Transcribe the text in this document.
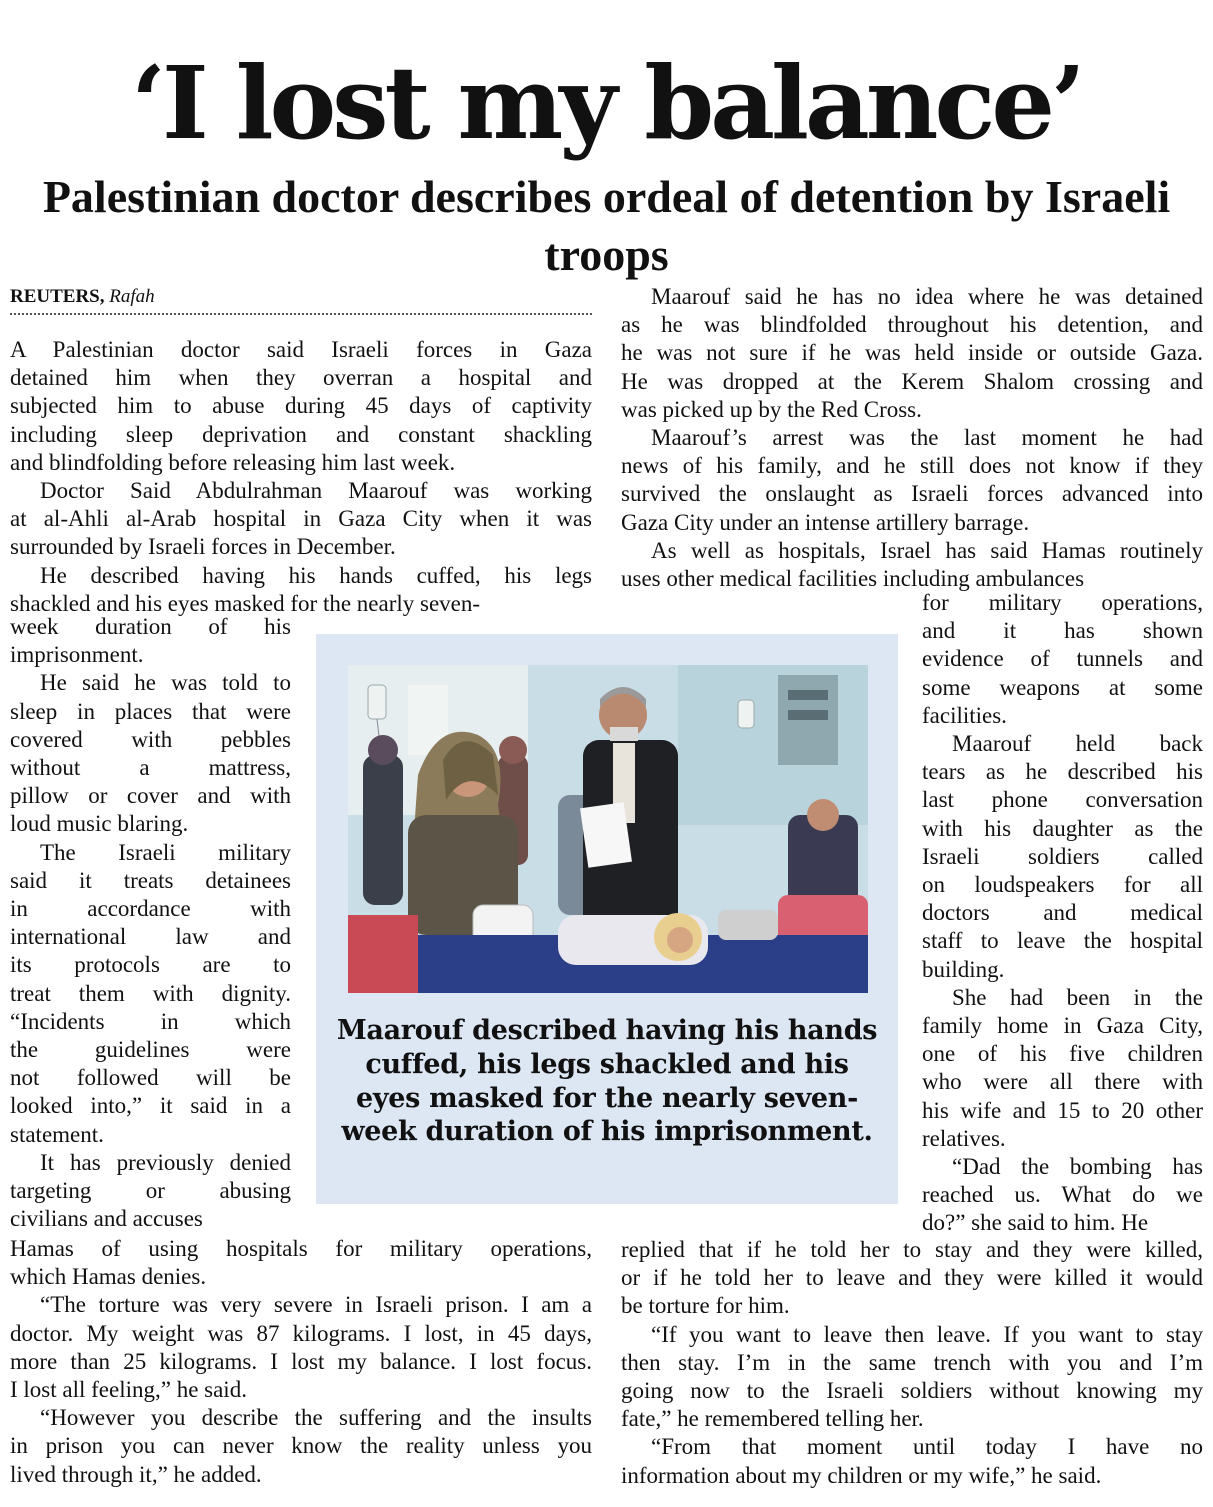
‘I lost my balance’
Palestinian doctor describes ordeal of detention by Israeli troops
REUTERS, Rafah
A Palestinian doctor said Israeli forces in Gaza
detained him when they overran a hospital and
subjected him to abuse during 45 days of captivity
including sleep deprivation and constant shackling
and blindfolding before releasing him last week.
Doctor Said Abdulrahman Maarouf was working
at al-Ahli al-Arab hospital in Gaza City when it was
surrounded by Israeli forces in December.
He described having his hands cuffed, his legs
shackled and his eyes masked for the nearly seven-
week duration of his
imprisonment.
He said he was told to
sleep in places that were
covered with pebbles
without a mattress,
pillow or cover and with
loud music blaring.
The Israeli military
said it treats detainees
in accordance with
international law and
its protocols are to
treat them with dignity.
“Incidents in which
the guidelines were
not followed will be
looked into,” it said in a
statement.
It has previously denied
targeting or abusing
civilians and accuses
Hamas of using hospitals for military operations,
which Hamas denies.
“The torture was very severe in Israeli prison. I am a
doctor. My weight was 87 kilograms. I lost, in 45 days,
more than 25 kilograms. I lost my balance. I lost focus.
I lost all feeling,” he said.
“However you describe the suffering and the insults
in prison you can never know the reality unless you
lived through it,” he added.
Maarouf said he has no idea where he was detained
as he was blindfolded throughout his detention, and
he was not sure if he was held inside or outside Gaza.
He was dropped at the Kerem Shalom crossing and
was picked up by the Red Cross.
Maarouf’s arrest was the last moment he had
news of his family, and he still does not know if they
survived the onslaught as Israeli forces advanced into
Gaza City under an intense artillery barrage.
As well as hospitals, Israel has said Hamas routinely
uses other medical facilities including ambulances
for military operations,
and it has shown
evidence of tunnels and
some weapons at some
facilities.
Maarouf held back
tears as he described his
last phone conversation
with his daughter as the
Israeli soldiers called
on loudspeakers for all
doctors and medical
staff to leave the hospital
building.
She had been in the
family home in Gaza City,
one of his five children
who were all there with
his wife and 15 to 20 other
relatives.
“Dad the bombing has
reached us. What do we
do?” she said to him. He
replied that if he told her to stay and they were killed,
or if he told her to leave and they were killed it would
be torture for him.
“If you want to leave then leave. If you want to stay
then stay. I’m in the same trench with you and I’m
going now to the Israeli soldiers without knowing my
fate,” he remembered telling her.
“From that moment until today I have no
information about my children or my wife,” he said.

Maarouf described having his hands cuffed, his legs shackled and his eyes masked for the nearly seven-week duration of his imprisonment.
